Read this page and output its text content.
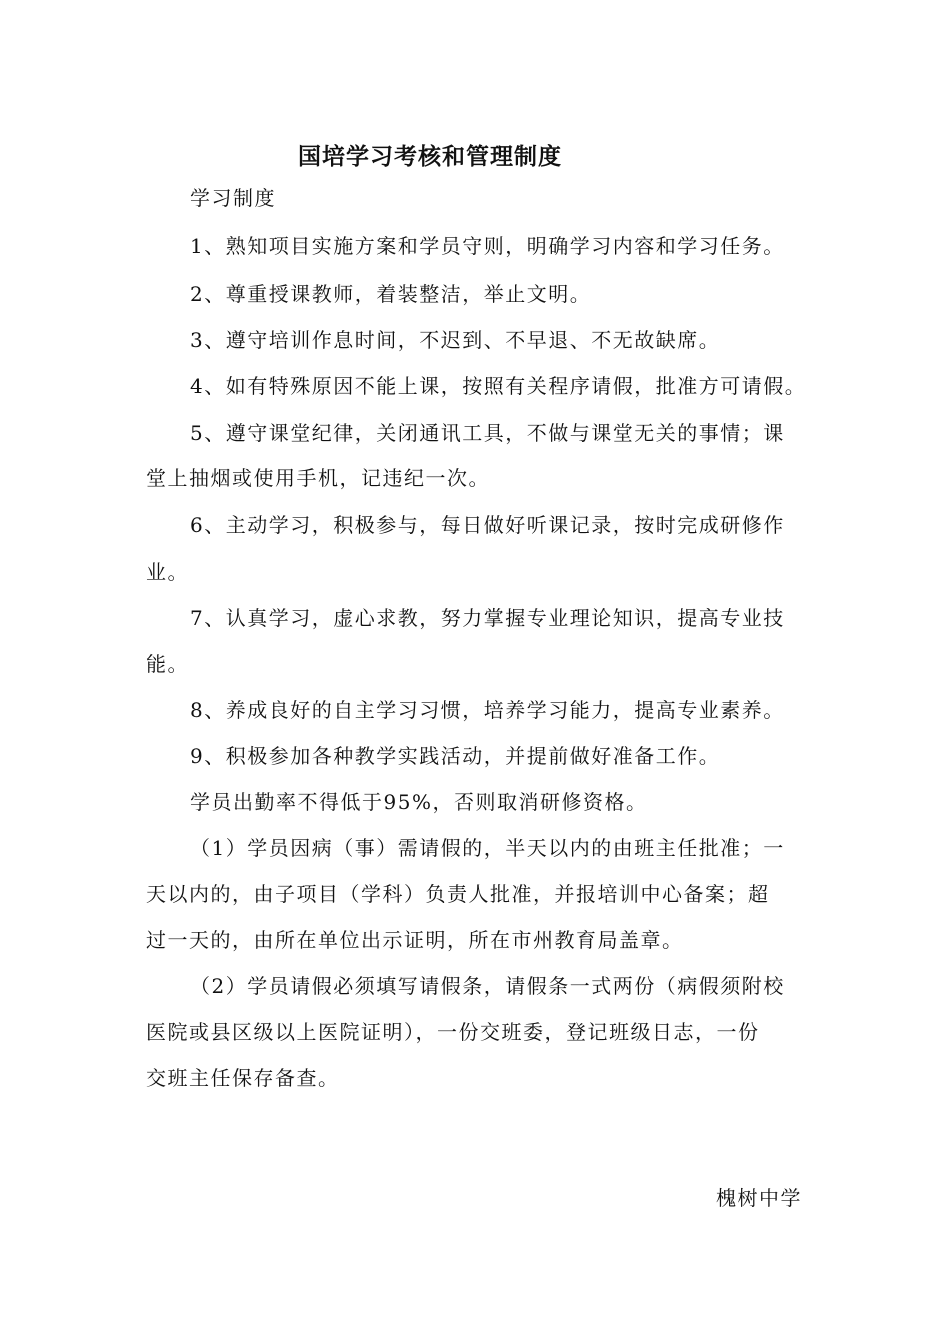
国培学习考核和管理制度
学习制度
1、熟知项目实施方案和学员守则，明确学习内容和学习任务。
2、尊重授课教师，着装整洁，举止文明。
3、遵守培训作息时间，不迟到、不早退、不无故缺席。
4、如有特殊原因不能上课，按照有关程序请假，批准方可请假。
5、遵守课堂纪律，关闭通讯工具，不做与课堂无关的事情；课
堂上抽烟或使用手机，记违纪一次。
6、主动学习，积极参与，每日做好听课记录，按时完成研修作
业。
7、认真学习，虚心求教，努力掌握专业理论知识，提高专业技
能。
8、养成良好的自主学习习惯，培养学习能力，提高专业素养。
9、积极参加各种教学实践活动，并提前做好准备工作。
学员出勤率不得低于95%，否则取消研修资格。
（1）学员因病（事）需请假的，半天以内的由班主任批准；一
天以内的，由子项目（学科）负责人批准，并报培训中心备案；超
过一天的，由所在单位出示证明，所在市州教育局盖章。
（2）学员请假必须填写请假条，请假条一式两份（病假须附校
医院或县区级以上医院证明），一份交班委，登记班级日志，一份
交班主任保存备查。
槐树中学
